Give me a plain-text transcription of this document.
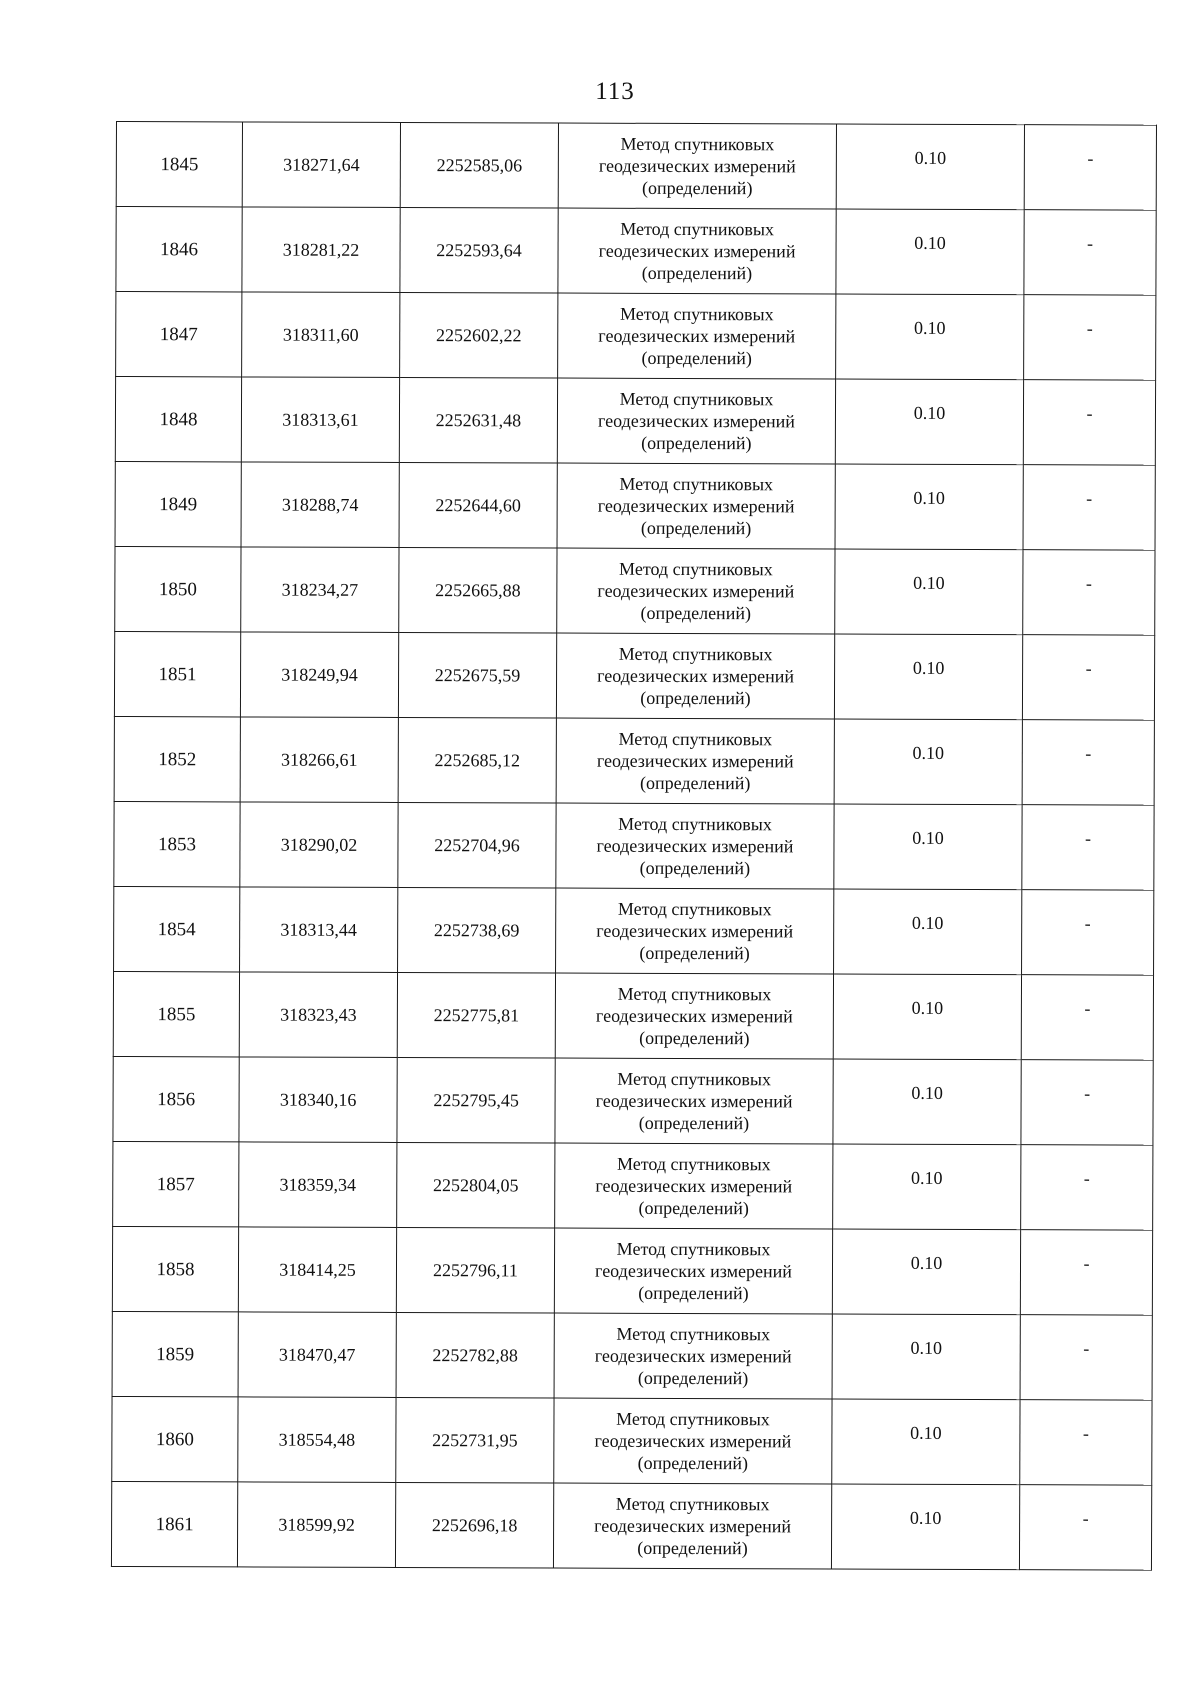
113
1845	318271,64	2252585,06	Метод спутниковых
геодезических измерений
(определений)	0.10	-

1846	318281,22	2252593,64	Метод спутниковых
геодезических измерений
(определений)	0.10	-

1847	318311,60	2252602,22	Метод спутниковых
геодезических измерений
(определений)	0.10	-

1848	318313,61	2252631,48	Метод спутниковых
геодезических измерений
(определений)	0.10	-

1849	318288,74	2252644,60	Метод спутниковых
геодезических измерений
(определений)	0.10	-

1850	318234,27	2252665,88	Метод спутниковых
геодезических измерений
(определений)	0.10	-

1851	318249,94	2252675,59	Метод спутниковых
геодезических измерений
(определений)	0.10	-

1852	318266,61	2252685,12	Метод спутниковых
геодезических измерений
(определений)	0.10	-

1853	318290,02	2252704,96	Метод спутниковых
геодезических измерений
(определений)	0.10	-

1854	318313,44	2252738,69	Метод спутниковых
геодезических измерений
(определений)	0.10	-

1855	318323,43	2252775,81	Метод спутниковых
геодезических измерений
(определений)	0.10	-

1856	318340,16	2252795,45	Метод спутниковых
геодезических измерений
(определений)	0.10	-

1857	318359,34	2252804,05	Метод спутниковых
геодезических измерений
(определений)	0.10	-

1858	318414,25	2252796,11	Метод спутниковых
геодезических измерений
(определений)	0.10	-

1859	318470,47	2252782,88	Метод спутниковых
геодезических измерений
(определений)	0.10	-

1860	318554,48	2252731,95	Метод спутниковых
геодезических измерений
(определений)	0.10	-

1861	318599,92	2252696,18	Метод спутниковых
геодезических измерений
(определений)	0.10	-
